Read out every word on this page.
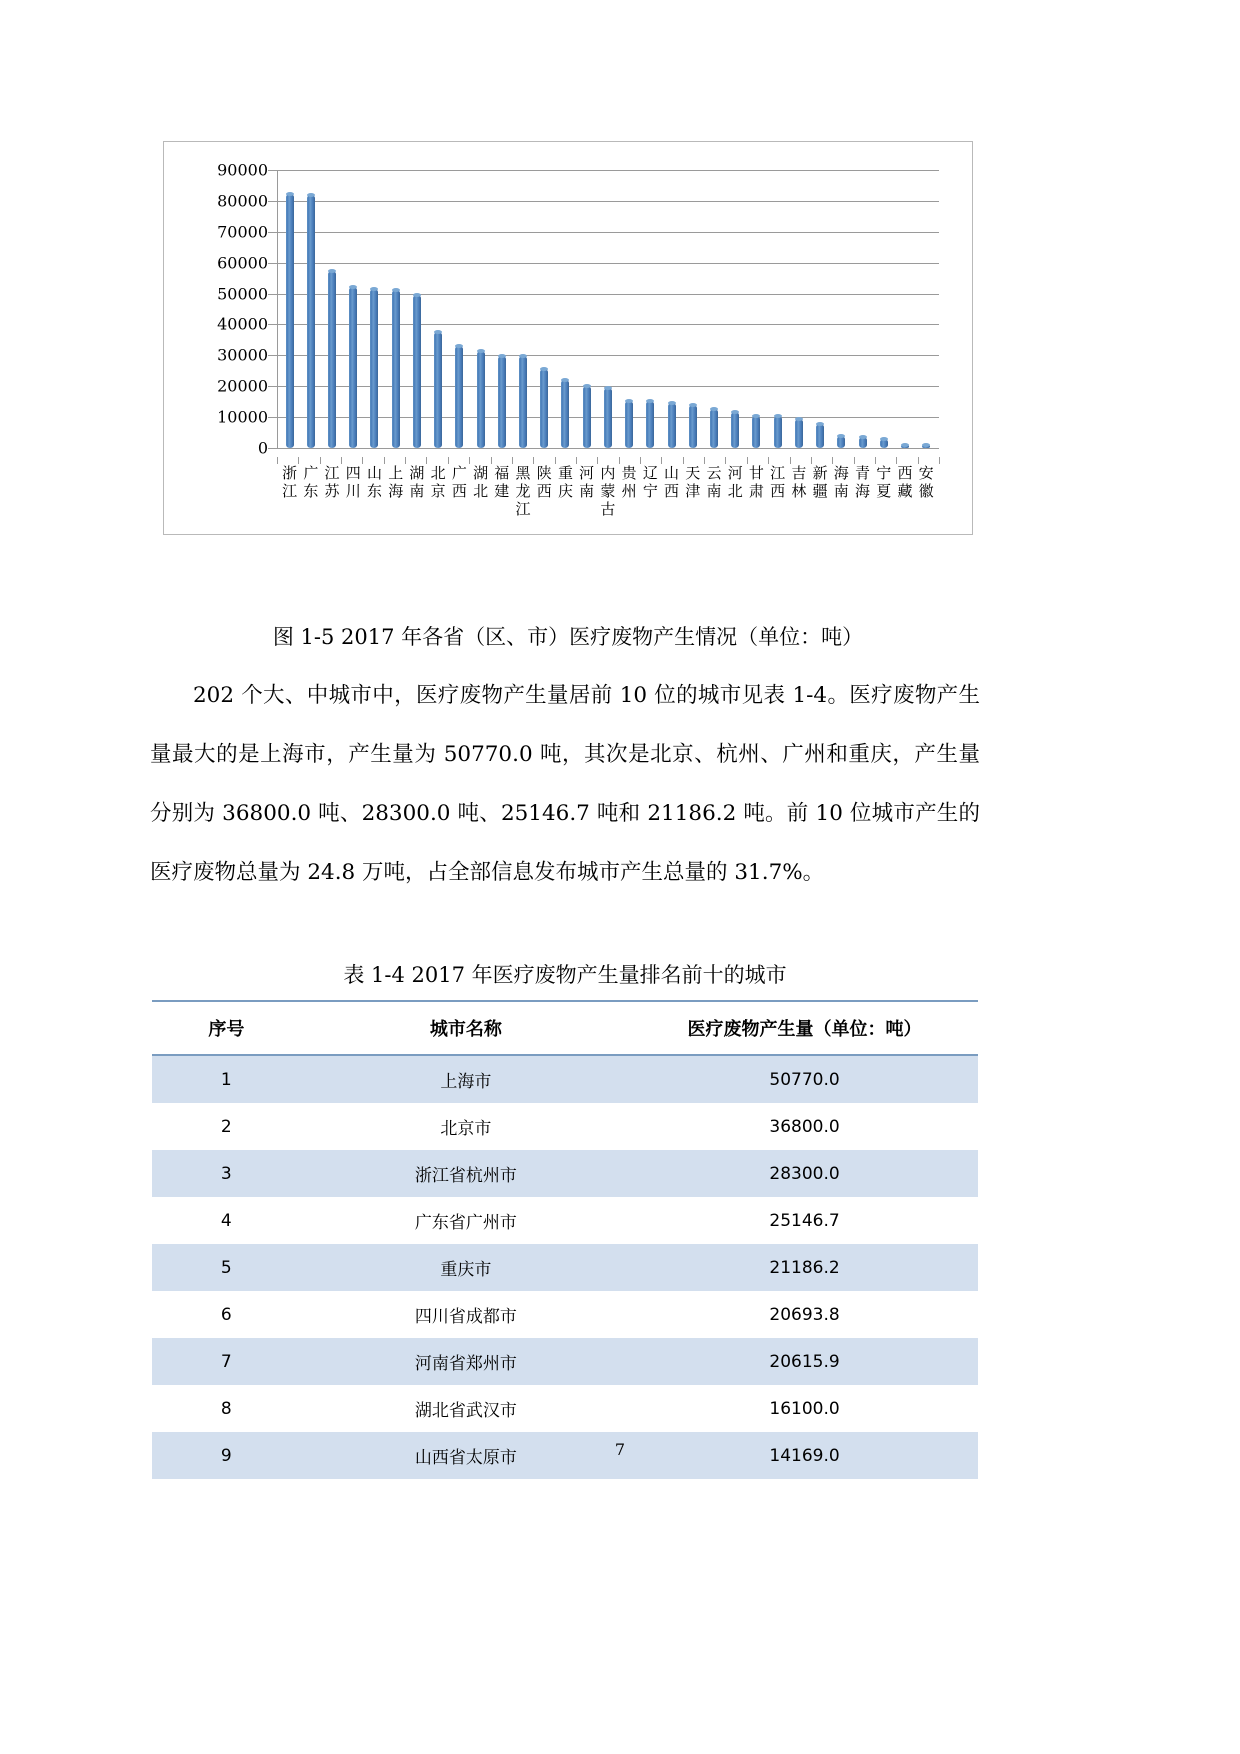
90000
80000
70000
60000
50000
40000
30000
20000
10000
0
浙
江
广
东
江
苏
四
川
山
东
上
海
湖
南
北
京
广
西
湖
北
福
建
黑
龙
江
陕
西
重
庆
河
南
内
蒙
古
贵
州
辽
宁
山
西
天
津
云
南
河
北
甘
肃
江
西
吉
林
新
疆
海
南
青
海
宁
夏
西
藏
安
徽
图 1-5 2017 年各省（区、市）医疗废物产生情况（单位：吨）
202 个大、中城市中，医疗废物产生量居前 10 位的城市见表 1-4。医疗废物产生量最大的是上海市，产生量为 50770.0 吨，其次是北京、杭州、广州和重庆，产生量分别为 36800.0 吨、28300.0 吨、25146.7 吨和 21186.2 吨。前 10 位城市产生的医疗废物总量为 24.8 万吨，占全部信息发布城市产生总量的 31.7%。
表 1-4 2017 年医疗废物产生量排名前十的城市
序号	城市名称	医疗废物产生量（单位：吨）
1	上海市	50770.0
2	北京市	36800.0
3	浙江省杭州市	28300.0
4	广东省广州市	25146.7
5	重庆市	21186.2
6	四川省成都市	20693.8
7	河南省郑州市	20615.9
8	湖北省武汉市	16100.0
9	山西省太原市	14169.0
7
